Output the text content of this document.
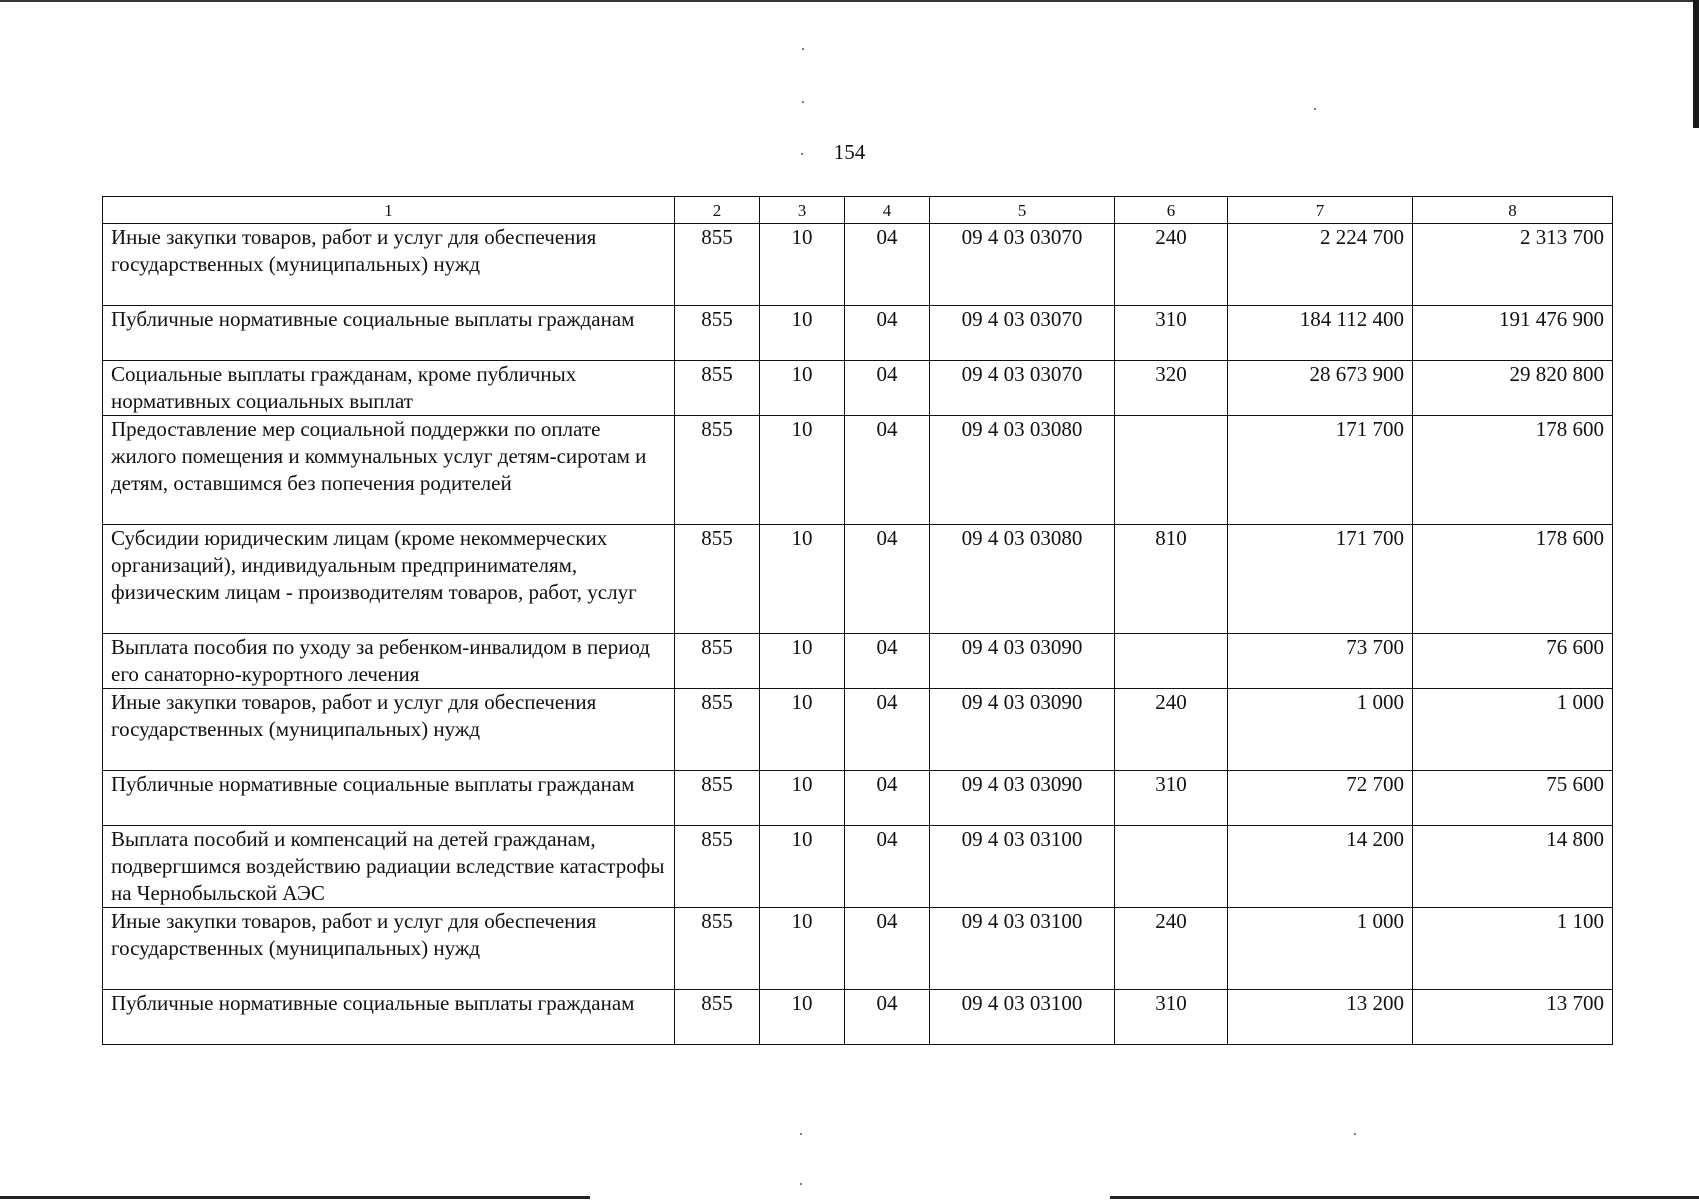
154
1	2	3	4	5	6	7	8
Иные закупки товаров, работ и услуг для обеспечения государственных (муниципальных) нужд	855	10	04	09 4 03 03070	240	2 224 700	2 313 700
Публичные нормативные социальные выплаты гражданам	855	10	04	09 4 03 03070	310	184 112 400	191 476 900
Социальные выплаты гражданам, кроме публичных нормативных социальных выплат	855	10	04	09 4 03 03070	320	28 673 900	29 820 800
Предоставление мер социальной поддержки по оплате жилого помещения и коммунальных услуг детям-сиротам и детям, оставшимся без попечения родителей	855	10	04	09 4 03 03080		171 700	178 600
Субсидии юридическим лицам (кроме некоммерческих организаций), индивидуальным предпринимателям, физическим лицам - производителям товаров, работ, услуг	855	10	04	09 4 03 03080	810	171 700	178 600
Выплата пособия по уходу за ребенком-инвалидом в период его санаторно-курортного лечения	855	10	04	09 4 03 03090		73 700	76 600
Иные закупки товаров, работ и услуг для обеспечения государственных (муниципальных) нужд	855	10	04	09 4 03 03090	240	1 000	1 000
Публичные нормативные социальные выплаты гражданам	855	10	04	09 4 03 03090	310	72 700	75 600
Выплата пособий и компенсаций на детей гражданам, подвергшимся воздействию радиации вследствие катастрофы на Чернобыльской АЭС	855	10	04	09 4 03 03100		14 200	14 800
Иные закупки товаров, работ и услуг для обеспечения государственных (муниципальных) нужд	855	10	04	09 4 03 03100	240	1 000	1 100
Публичные нормативные социальные выплаты гражданам	855	10	04	09 4 03 03100	310	13 200	13 700
